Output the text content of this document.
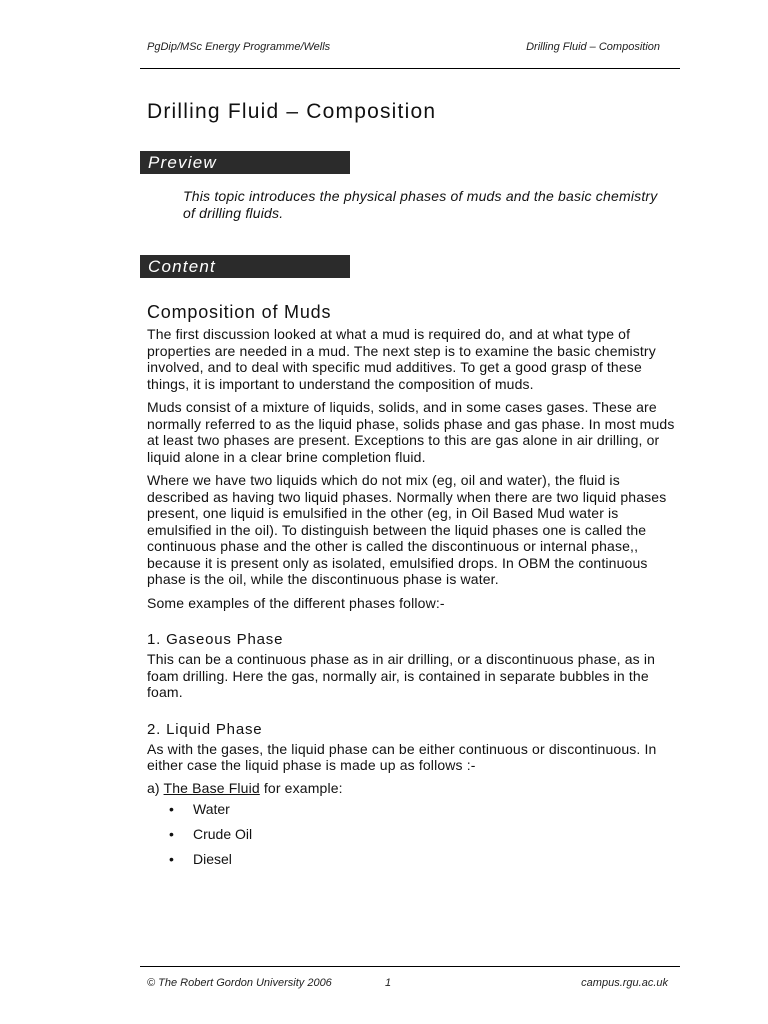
PgDip/MSc Energy Programme/Wells	Drilling Fluid – Composition
Drilling Fluid – Composition
Preview
This topic introduces the physical phases of muds and the basic chemistry of drilling fluids.
Content
Composition of Muds

The first discussion looked at what a mud is required do, and at what type of properties are needed in a mud. The next step is to examine the basic chemistry involved, and to deal with specific mud additives. To get a good grasp of these things, it is important to understand the composition of muds.

Muds consist of a mixture of liquids, solids, and in some cases gases. These are normally referred to as the liquid phase, solids phase and gas phase. In most muds at least two phases are present. Exceptions to this are gas alone in air drilling, or liquid alone in a clear brine completion fluid.

Where we have two liquids which do not mix (eg, oil and water), the fluid is described as having two liquid phases. Normally when there are two liquid phases present, one liquid is emulsified in the other (eg, in Oil Based Mud water is emulsified in the oil). To distinguish between the liquid phases one is called the continuous phase and the other is called the discontinuous or internal phase,, because it is present only as isolated, emulsified drops. In OBM the continuous phase is the oil, while the discontinuous phase is water.

Some examples of the different phases follow:-

1. Gaseous Phase

This can be a continuous phase as in air drilling, or a discontinuous phase, as in foam drilling. Here the gas, normally air, is contained in separate bubbles in the foam.

2. Liquid Phase

As with the gases, the liquid phase can be either continuous or discontinuous. In either case the liquid phase is made up as follows :-

a) The Base Fluid for example:
• Water
• Crude Oil
• Diesel
© The Robert Gordon University 2006	1	campus.rgu.ac.uk
